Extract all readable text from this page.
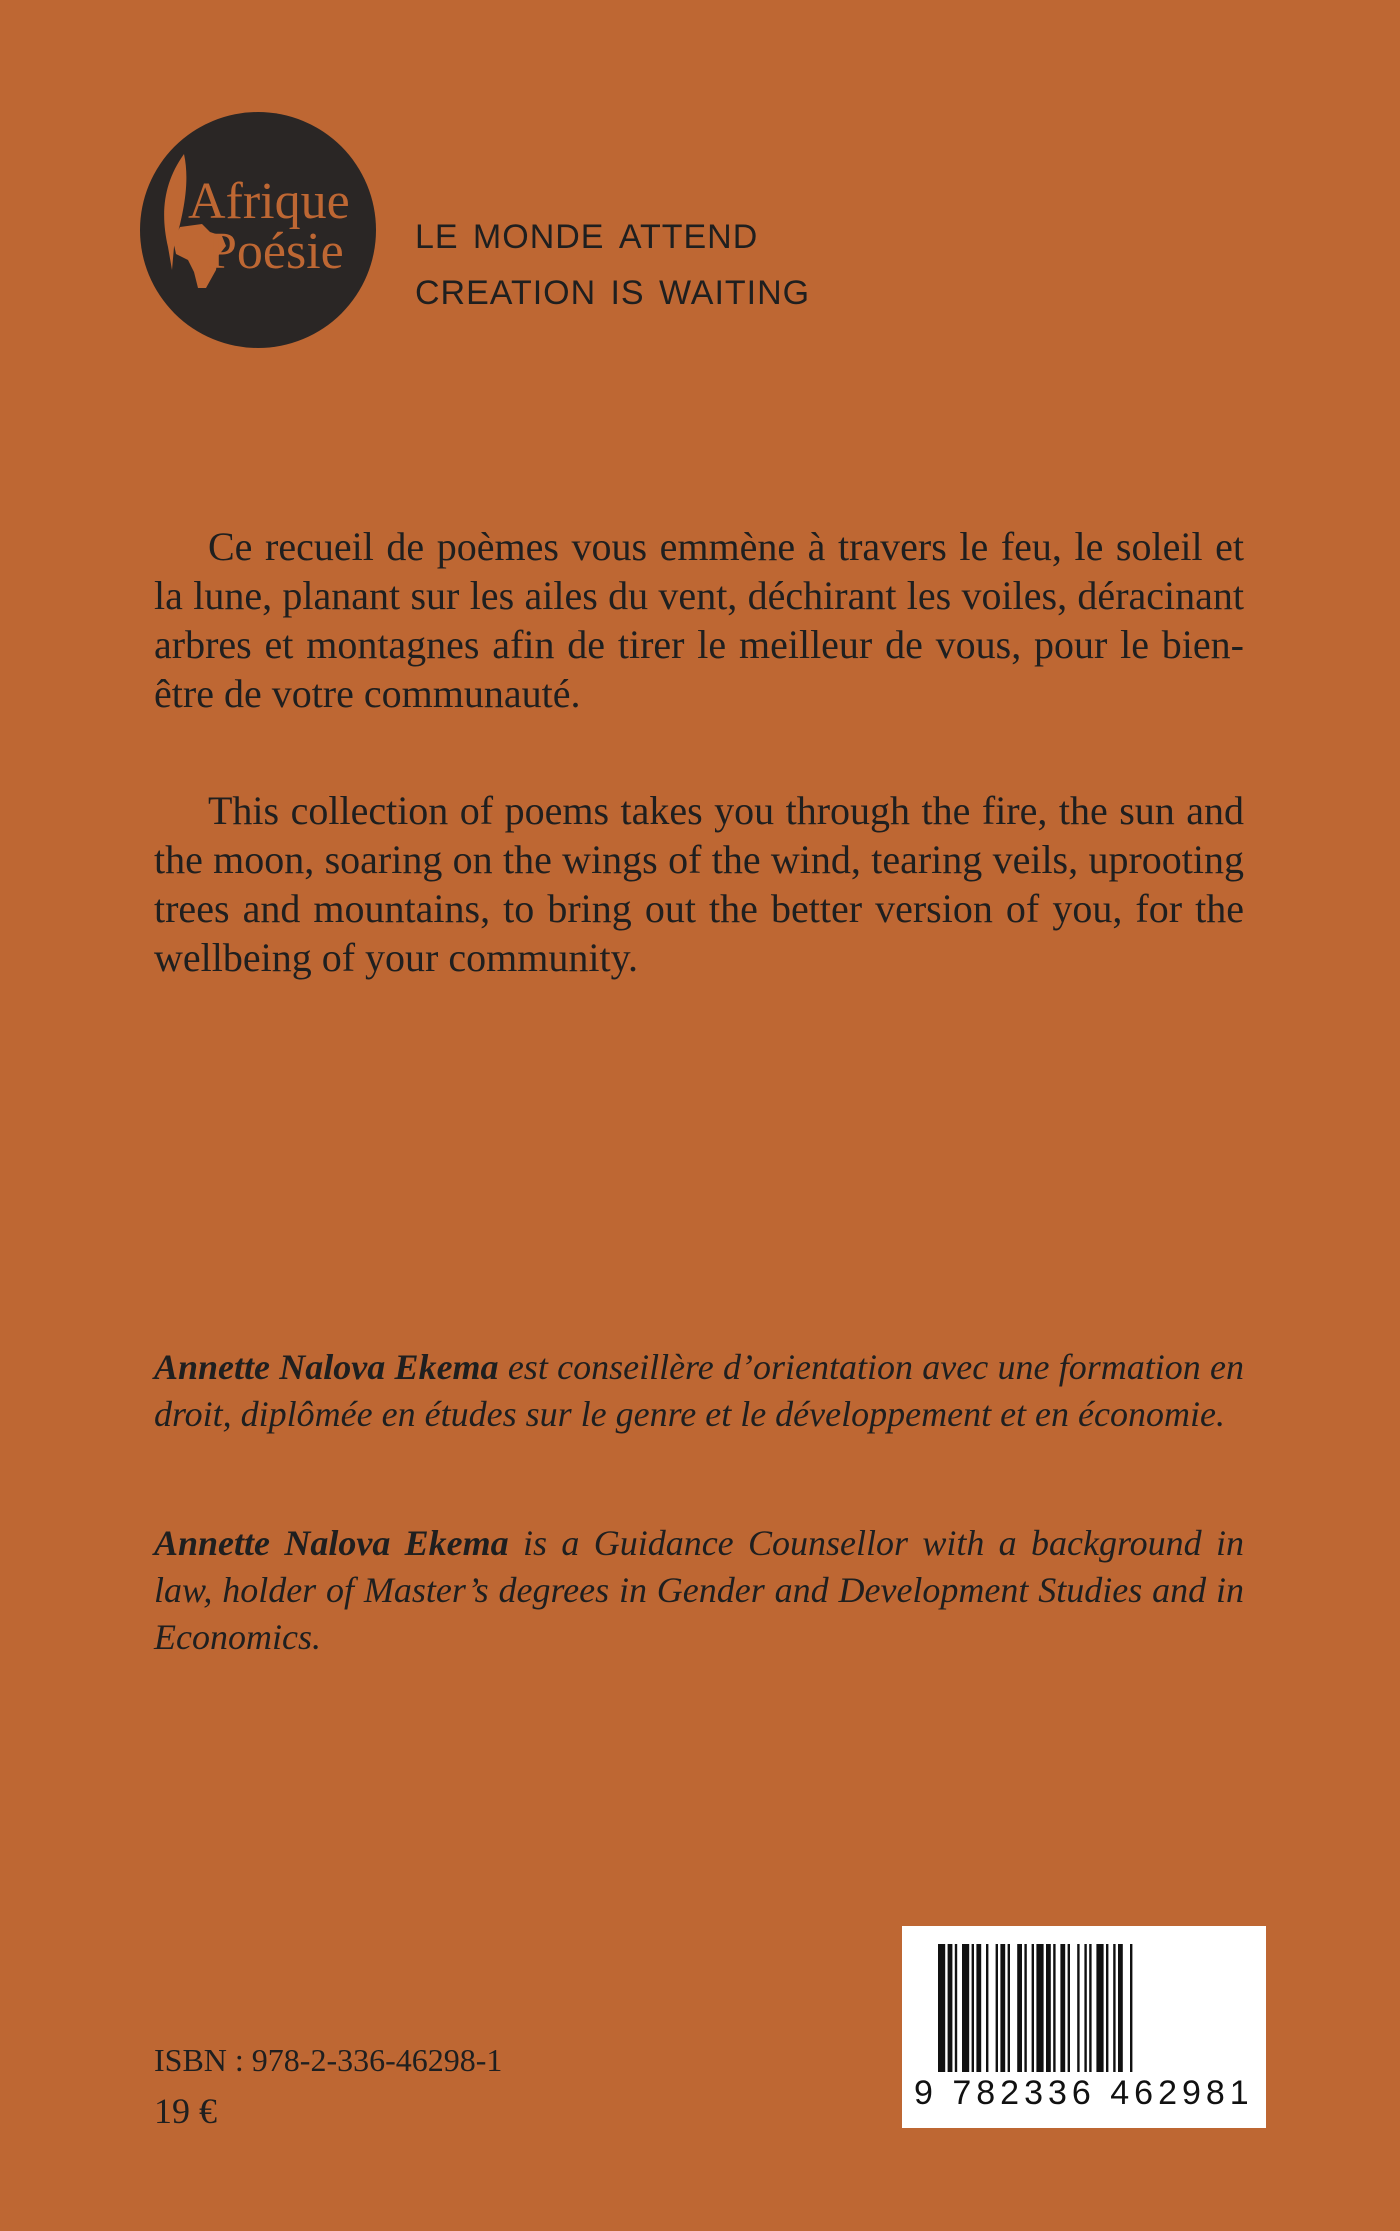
Afrique
Poésie le monde attend
creation is waiting

Ce recueil de poèmes vous emmène à travers le feu, le soleil et la lune, planant sur les ailes du vent, déchirant les voiles, déracinant arbres et montagnes afin de tirer le meilleur de vous, pour le bien-être de votre communauté.

This collection of poems takes you through the fire, the sun and the moon, soaring on the wings of the wind, tearing veils, uprooting trees and mountains, to bring out the better version of you, for the wellbeing of your community.

Annette Nalova Ekema est conseillère d’orientation avec une formation en droit, diplômée en études sur le genre et le développement et en économie.

Annette Nalova Ekema is a Guidance Counsellor with a background in law, holder of Master’s degrees in Gender and Development Studies and in Economics.

ISBN : 978-2-336-46298-1
19 €	9 782336 462981
